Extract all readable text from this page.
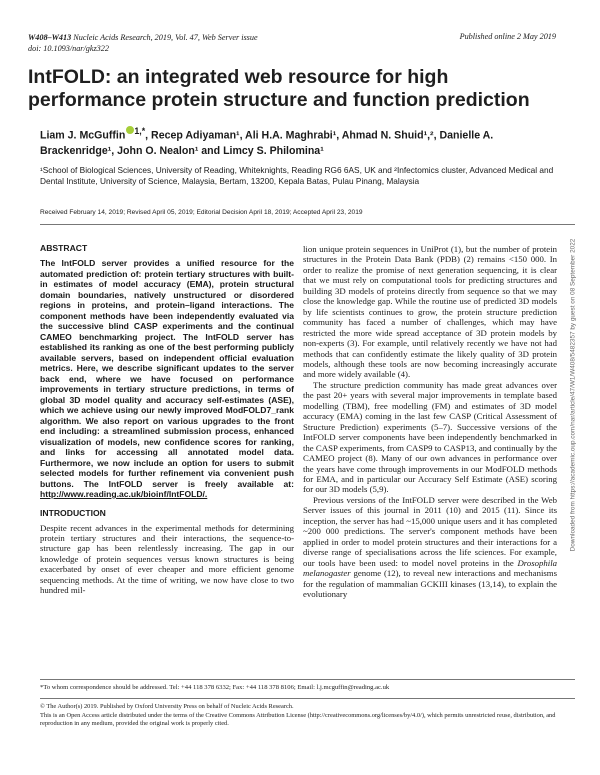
W408–W413 Nucleic Acids Research, 2019, Vol. 47, Web Server issue
doi: 10.1093/nar/gkz322
Published online 2 May 2019
IntFOLD: an integrated web resource for high performance protein structure and function prediction

Liam J. McGuffin $^{1,*}$, Recep Adiyaman¹, Ali H.A. Maghrabi¹, Ahmad N. Shuid¹,², Danielle A. Brackenridge¹, John O. Nealon¹ and Limcy S. Philomina¹

¹School of Biological Sciences, University of Reading, Whiteknights, Reading RG6 6AS, UK and ²Infectomics cluster, Advanced Medical and Dental Institute, University of Science, Malaysia, Bertam, 13200, Kepala Batas, Pulau Pinang, Malaysia

Received February 14, 2019; Revised April 05, 2019; Editorial Decision April 18, 2019; Accepted April 23, 2019

Downloaded from https://academic.oup.com/nar/article/47/W1/W408/5482357 by guest on 08 September 2022
ABSTRACT

The IntFOLD server provides a unified resource for the automated prediction of: protein tertiary structures with built-in estimates of model accuracy (EMA), protein structural domain boundaries, natively unstructured or disordered regions in proteins, and protein–ligand interactions. The component methods have been independently evaluated via the successive blind CASP experiments and the continual CAMEO benchmarking project. The IntFOLD server has established its ranking as one of the best performing publicly available servers, based on independent official evaluation metrics. Here, we describe significant updates to the server back end, where we have focused on performance improvements in tertiary structure predictions, in terms of global 3D model quality and accuracy self-estimates (ASE), which we achieve using our newly improved ModFOLD7_rank algorithm. We also report on various upgrades to the front end including: a streamlined submission process, enhanced visualization of models, new confidence scores for ranking, and links for accessing all annotated model data. Furthermore, we now include an option for users to submit selected models for further refinement via convenient push buttons. The IntFOLD server is freely available at: http://www.reading.ac.uk/bioinf/IntFOLD/.

INTRODUCTION

Despite recent advances in the experimental methods for determining protein tertiary structures and their interactions, the sequence-to-structure gap has been relentlessly increasing. The gap in our knowledge of protein sequences versus known structures is being exacerbated by onset of ever cheaper and more efficient genome sequencing methods. At the time of writing, we now have close to two hundred mil-

lion unique protein sequences in UniProt (1), but the number of protein structures in the Protein Data Bank (PDB) (2) remains <150 000. In order to realize the promise of next generation sequencing, it is clear that we must rely on computational tools for predicting structures and building 3D models of proteins directly from sequence so that we may close the knowledge gap. While the routine use of predicted 3D models by life scientists continues to grow, the protein structure prediction community has faced a number of challenges, which may have restricted the more wide spread acceptance of 3D protein models by non-experts (3). For example, until relatively recently we have not had methods that can confidently estimate the likely quality of 3D protein models, although these tools are now becoming increasingly accurate and more widely available (4).

The structure prediction community has made great advances over the past 20+ years with several major improvements in template based modelling (TBM), free modelling (FM) and estimates of 3D model accuracy (EMA) coming in the last few CASP (Critical Assessment of Structure Prediction) experiments (5–7). Successive versions of the IntFOLD server components have been independently benchmarked in the CASP experiments, from CASP9 to CASP13, and continually by the CAMEO project (8). Many of our own advances in performance over the years have come through improvements in our ModFOLD methods for EMA, and in particular our Accuracy Self Estimate (ASE) scoring for our 3D models (5,9).

Previous versions of the IntFOLD server were described in the Web Server issues of this journal in 2011 (10) and 2015 (11). Since its inception, the server has had ~15,000 unique users and it has completed ~200 000 predictions. The server's component methods have been applied in order to model protein structures and their interactions for a diverse range of specialisations across the life sciences. For example, our tools have been used: to model novel proteins in the Drosophila melanogaster genome (12), to reveal new interactions and mechanisms for the regulation of mammalian GCKIII kinases (13,14), to explain the evolutionary

*To whom correspondence should be addressed. Tel: +44 118 378 6332; Fax: +44 118 378 8106; Email: l.j.mcguffin@reading.ac.uk

© The Author(s) 2019. Published by Oxford University Press on behalf of Nucleic Acids Research.
This is an Open Access article distributed under the terms of the Creative Commons Attribution License (http://creativecommons.org/licenses/by/4.0/), which permits unrestricted reuse, distribution, and reproduction in any medium, provided the original work is properly cited.
